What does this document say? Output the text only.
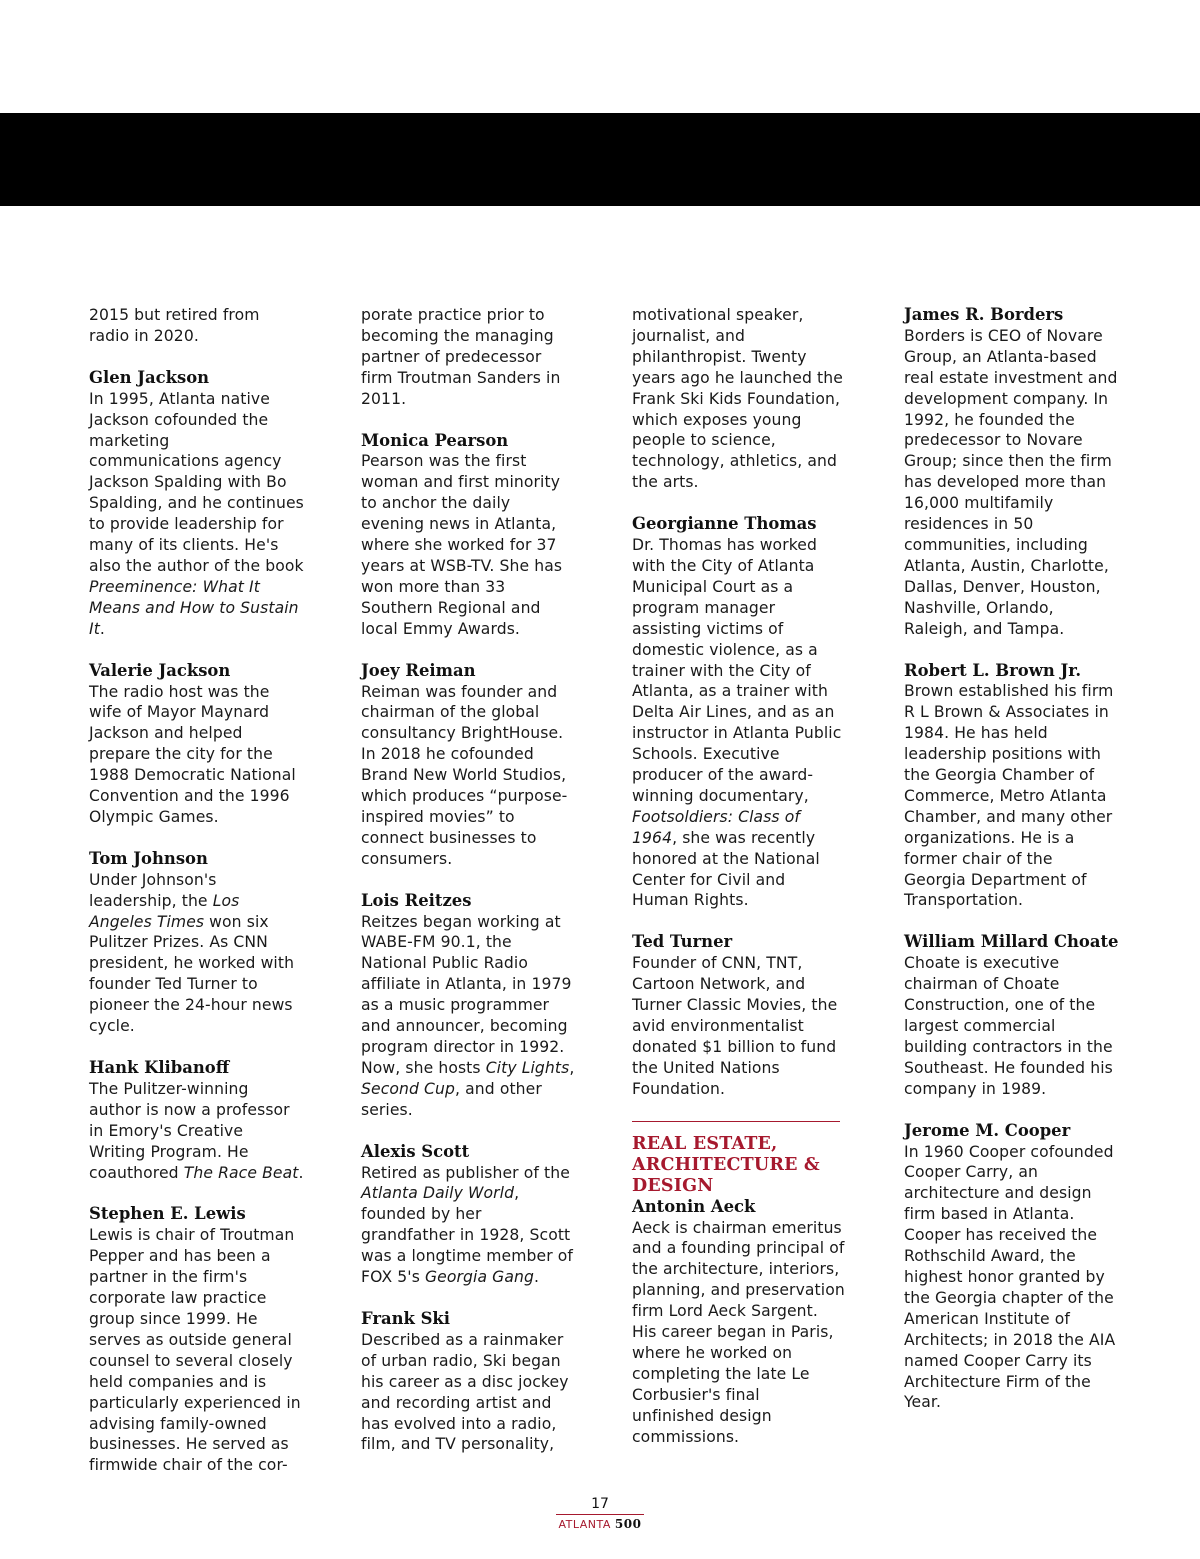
2015 but retired from radio in 2020.

Glen Jackson

In 1995, Atlanta native Jackson cofounded the marketing communications agency Jackson Spalding with Bo Spalding, and he continues to provide leadership for many of its clients. He's also the author of the book Preeminence: What It Means and How to Sustain It.

Valerie Jackson

The radio host was the wife of Mayor Maynard Jackson and helped prepare the city for the 1988 Democratic National Convention and the 1996 Olympic Games.

Tom Johnson

Under Johnson's leadership, the Los Angeles Times won six Pulitzer Prizes. As CNN president, he worked with founder Ted Turner to pioneer the 24-hour news cycle.

Hank Klibanoff

The Pulitzer-winning author is now a professor in Emory's Creative Writing Program. He coauthored The Race Beat.

Stephen E. Lewis

Lewis is chair of Troutman Pepper and has been a partner in the firm's corporate law practice group since 1999. He serves as outside general counsel to several closely held companies and is particularly experienced in advising family-owned businesses. He served as firmwide chair of the cor-

porate practice prior to becoming the managing partner of predecessor firm Troutman Sanders in 2011.

Monica Pearson

Pearson was the first woman and first minority to anchor the daily evening news in Atlanta, where she worked for 37 years at WSB-TV. She has won more than 33 Southern Regional and local Emmy Awards.

Joey Reiman

Reiman was founder and chairman of the global consultancy BrightHouse. In 2018 he cofounded Brand New World Studios, which produces “purpose-inspired movies” to connect businesses to consumers.

Lois Reitzes

Reitzes began working at WABE-FM 90.1, the National Public Radio affiliate in Atlanta, in 1979 as a music programmer and announcer, becoming program director in 1992. Now, she hosts City Lights, Second Cup, and other series.

Alexis Scott

Retired as publisher of the Atlanta Daily World, founded by her grandfather in 1928, Scott was a longtime member of FOX 5's Georgia Gang.

Frank Ski

Described as a rainmaker of urban radio, Ski began his career as a disc jockey and recording artist and has evolved into a radio, film, and TV personality,

motivational speaker, journalist, and philanthropist. Twenty years ago he launched the Frank Ski Kids Foundation, which exposes young people to science, technology, athletics, and the arts.

Georgianne Thomas

Dr. Thomas has worked with the City of Atlanta Municipal Court as a program manager assisting victims of domestic violence, as a trainer with the City of Atlanta, as a trainer with Delta Air Lines, and as an instructor in Atlanta Public Schools. Executive producer of the award-winning documentary, Footsoldiers: Class of 1964, she was recently honored at the National Center for Civil and Human Rights.

Ted Turner

Founder of CNN, TNT, Cartoon Network, and Turner Classic Movies, the avid environmentalist donated $1 billion to fund the United Nations Foundation.

REAL ESTATE, ARCHITECTURE & DESIGN
Antonin Aeck

Aeck is chairman emeritus and a founding principal of the architecture, interiors, planning, and preservation firm Lord Aeck Sargent. His career began in Paris, where he worked on completing the late Le Corbusier's final unfinished design commissions.

James R. Borders

Borders is CEO of Novare Group, an Atlanta-based real estate investment and development company. In 1992, he founded the predecessor to Novare Group; since then the firm has developed more than 16,000 multifamily residences in 50 communities, including Atlanta, Austin, Charlotte, Dallas, Denver, Houston, Nashville, Orlando, Raleigh, and Tampa.

Robert L. Brown Jr.

Brown established his firm R L Brown & Associates in 1984. He has held leadership positions with the Georgia Chamber of Commerce, Metro Atlanta Chamber, and many other organizations. He is a former chair of the Georgia Department of Transportation.

William Millard Choate

Choate is executive chairman of Choate Construction, one of the largest commercial building contractors in the Southeast. He founded his company in 1989.

Jerome M. Cooper

In 1960 Cooper cofounded Cooper Carry, an architecture and design firm based in Atlanta. Cooper has received the Rothschild Award, the highest honor granted by the Georgia chapter of the American Institute of Architects; in 2018 the AIA named Cooper Carry its Architecture Firm of the Year.

17
ATLANTA 500
